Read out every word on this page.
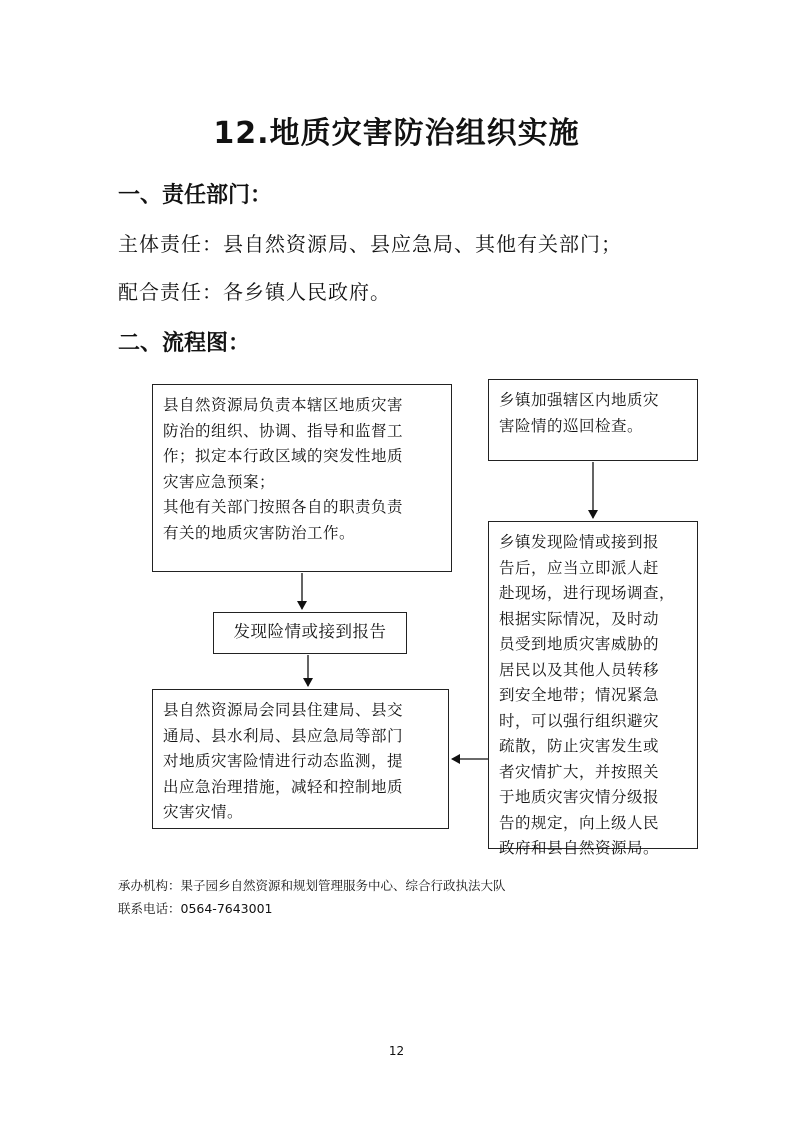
12.地质灾害防治组织实施
一、责任部门：
主体责任：县自然资源局、县应急局、其他有关部门；
配合责任：各乡镇人民政府。
二、流程图：
县自然资源局负责本辖区地质灾害
防治的组织、协调、指导和监督工
作；拟定本行政区域的突发性地质
灾害应急预案；
其他有关部门按照各自的职责负责
有关的地质灾害防治工作。
乡镇加强辖区内地质灾
害险情的巡回检查。
发现险情或接到报告
乡镇发现险情或接到报
告后，应当立即派人赶
赴现场，进行现场调查，
根据实际情况，及时动
员受到地质灾害威胁的
居民以及其他人员转移
到安全地带；情况紧急
时，可以强行组织避灾
疏散，防止灾害发生或
者灾情扩大，并按照关
于地质灾害灾情分级报
告的规定，向上级人民
政府和县自然资源局。
县自然资源局会同县住建局、县交
通局、县水利局、县应急局等部门
对地质灾害险情进行动态监测，提
出应急治理措施，减轻和控制地质
灾害灾情。
承办机构：果子园乡自然资源和规划管理服务中心、综合行政执法大队
联系电话：0564-7643001
12
